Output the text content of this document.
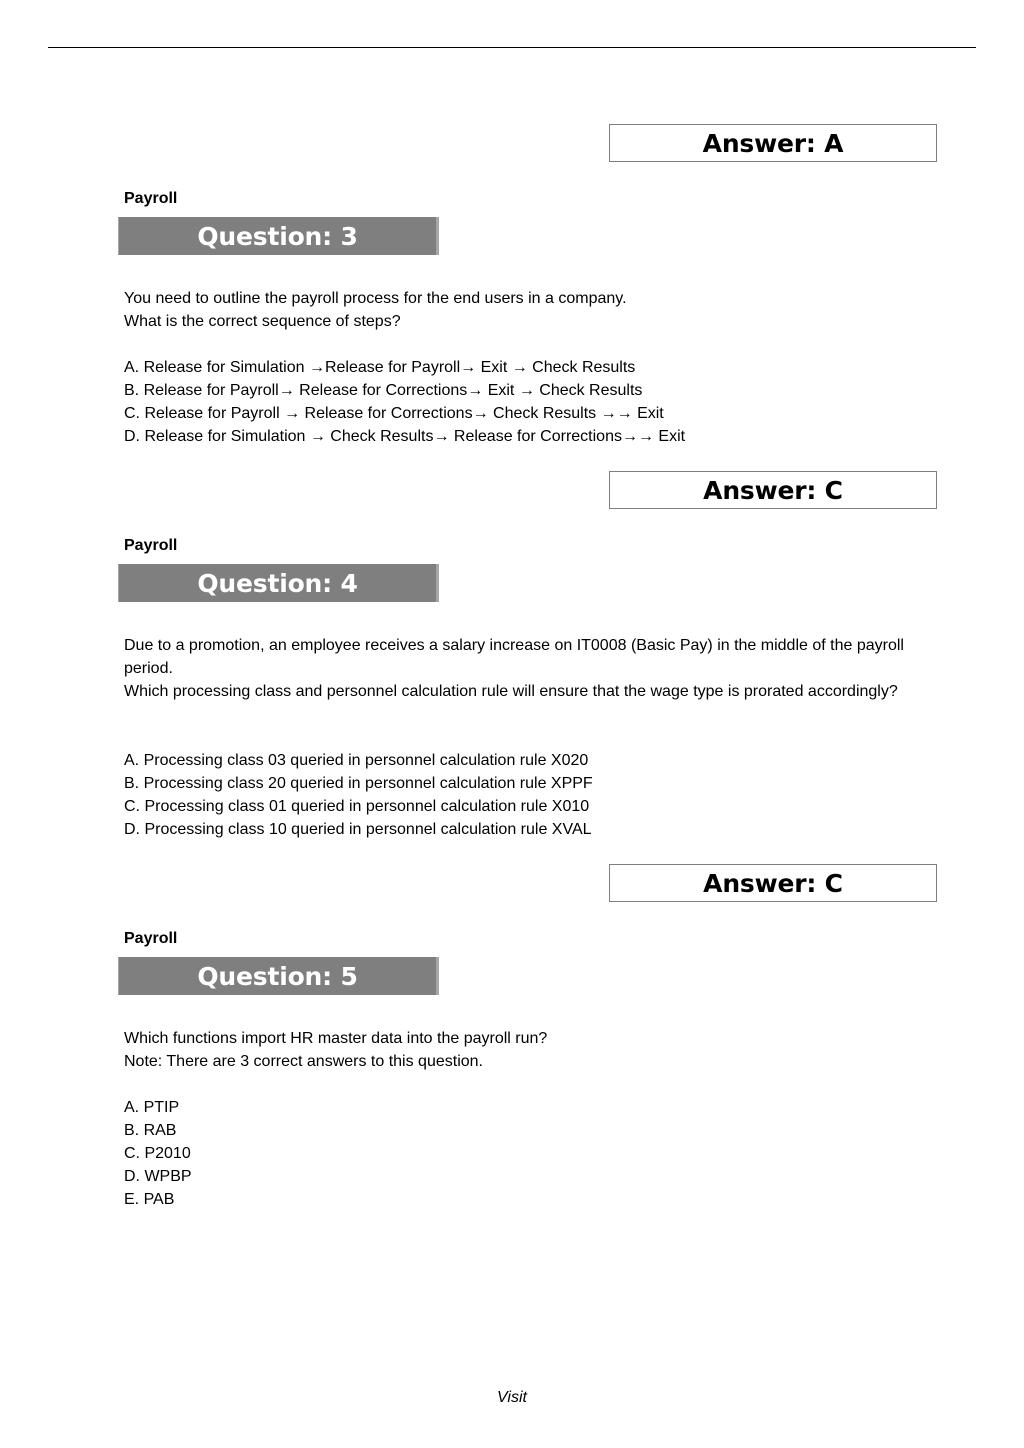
Answer: A
Payroll
Question: 3

You need to outline the payroll process for the end users in a company.

What is the correct sequence of steps?

A. Release for Simulation →Release for Payroll→ Exit → Check Results
B. Release for Payroll→ Release for Corrections→ Exit → Check Results
C. Release for Payroll → Release for Corrections→ Check Results →→ Exit
D. Release for Simulation → Check Results→ Release for Corrections→→ Exit
Answer: C
Payroll
Question: 4

Due to a promotion, an employee receives a salary increase on IT0008 (Basic Pay) in the middle of the payroll period.

Which processing class and personnel calculation rule will ensure that the wage type is prorated accordingly?

A. Processing class 03 queried in personnel calculation rule X020
B. Processing class 20 queried in personnel calculation rule XPPF
C. Processing class 01 queried in personnel calculation rule X010
D. Processing class 10 queried in personnel calculation rule XVAL
Answer: C
Payroll
Question: 5

Which functions import HR master data into the payroll run?

Note: There are 3 correct answers to this question.

A. PTIP
B. RAB
C. P2010
D. WPBP
E. PAB
Visit
